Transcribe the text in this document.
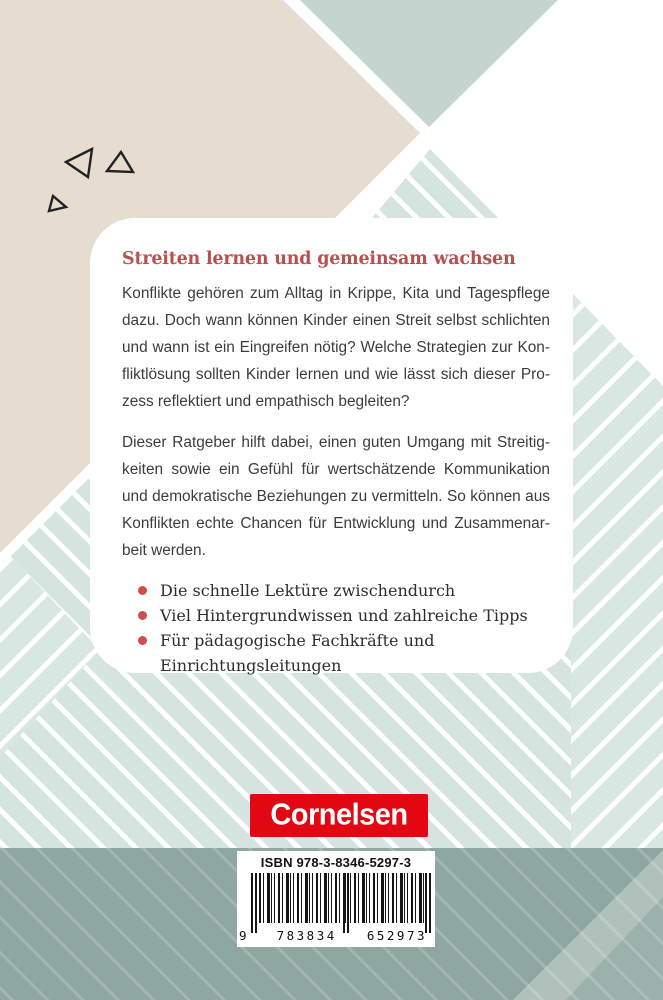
Streiten lernen und gemeinsam wachsen

Konflikte gehören zum Alltag in Krippe, Kita und Tagespflege dazu. Doch wann können Kinder einen Streit selbst schlichten und wann ist ein Eingreifen nötig? Welche Strategien zur Konfliktlösung sollten Kinder lernen und wie lässt sich dieser Prozess reflektiert und empathisch begleiten?

Dieser Ratgeber hilft dabei, einen guten Umgang mit Streitigkeiten sowie ein Gefühl für wertschätzende Kommunikation und demokratische Beziehungen zu vermitteln. So können aus Konflikten echte Chancen für Entwicklung und Zusammenarbeit werden.

Die schnelle Lektüre zwischendurch
Viel Hintergrundwissen und zahlreiche Tipps
Für pädagogische Fachkräfte und Einrichtungsleitungen
Cornelsen
ISBN 978-3-8346-5297-3
9 783834 652973
